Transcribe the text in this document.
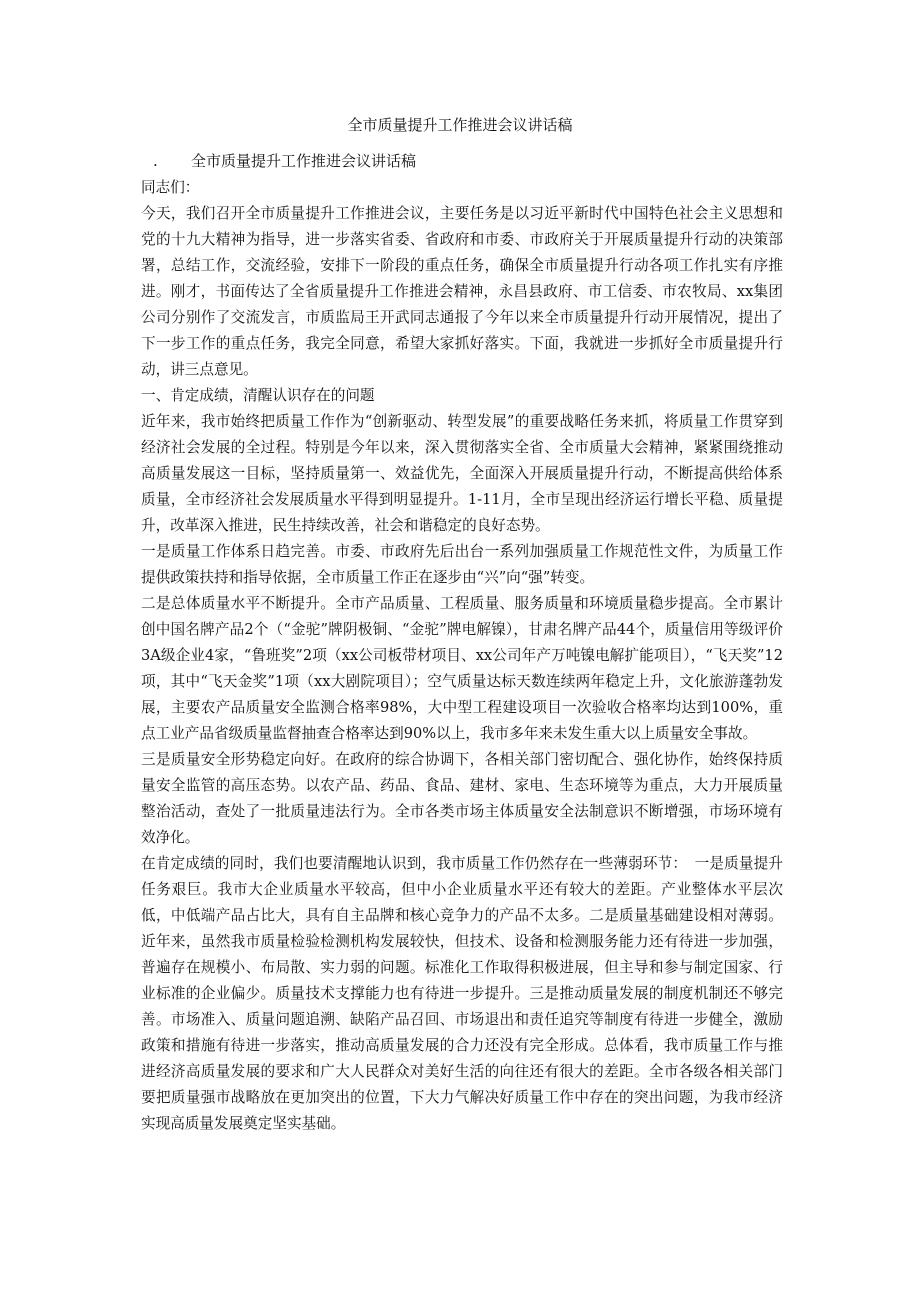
全市质量提升工作推进会议讲话稿
. 全市质量提升工作推进会议讲话稿

同志们：

今天，我们召开全市质量提升工作推进会议，主要任务是以习近平新时代中国特色社会主义思想和党的十九大精神为指导，进一步落实省委、省政府和市委、市政府关于开展质量提升行动的决策部署，总结工作，交流经验，安排下一阶段的重点任务，确保全市质量提升行动各项工作扎实有序推进。刚才，书面传达了全省质量提升工作推进会精神，永昌县政府、市工信委、市农牧局、xx集团公司分别作了交流发言，市质监局王开武同志通报了今年以来全市质量提升行动开展情况，提出了下一步工作的重点任务，我完全同意，希望大家抓好落实。下面，我就进一步抓好全市质量提升行动，讲三点意见。

一、肯定成绩，清醒认识存在的问题

近年来，我市始终把质量工作作为“创新驱动、转型发展”的重要战略任务来抓，将质量工作贯穿到经济社会发展的全过程。特别是今年以来，深入贯彻落实全省、全市质量大会精神，紧紧围绕推动高质量发展这一目标，坚持质量第一、效益优先，全面深入开展质量提升行动，不断提高供给体系质量，全市经济社会发展质量水平得到明显提升。1-11月，全市呈现出经济运行增长平稳、质量提升，改革深入推进，民生持续改善，社会和谐稳定的良好态势。

一是质量工作体系日趋完善。市委、市政府先后出台一系列加强质量工作规范性文件，为质量工作提供政策扶持和指导依据，全市质量工作正在逐步由“兴”向“强”转变。

二是总体质量水平不断提升。全市产品质量、工程质量、服务质量和环境质量稳步提高。全市累计创中国名牌产品2个（“金驼”牌阴极铜、“金驼”牌电解镍），甘肃名牌产品44个，质量信用等级评价3A级企业4家，“鲁班奖”2项（xx公司板带材项目、xx公司年产万吨镍电解扩能项目），“飞天奖”12项，其中“飞天金奖”1项（xx大剧院项目）；空气质量达标天数连续两年稳定上升，文化旅游蓬勃发展，主要农产品质量安全监测合格率98%，大中型工程建设项目一次验收合格率均达到100%，重点工业产品省级质量监督抽查合格率达到90%以上，我市多年来未发生重大以上质量安全事故。

三是质量安全形势稳定向好。在政府的综合协调下，各相关部门密切配合、强化协作，始终保持质量安全监管的高压态势。以农产品、药品、食品、建材、家电、生态环境等为重点，大力开展质量整治活动，查处了一批质量违法行为。全市各类市场主体质量安全法制意识不断增强，市场环境有效净化。

在肯定成绩的同时，我们也要清醒地认识到，我市质量工作仍然存在一些薄弱环节：　一是质量提升任务艰巨。我市大企业质量水平较高，但中小企业质量水平还有较大的差距。产业整体水平层次低，中低端产品占比大，具有自主品牌和核心竞争力的产品不太多。二是质量基础建设相对薄弱。近年来，虽然我市质量检验检测机构发展较快，但技术、设备和检测服务能力还有待进一步加强，普遍存在规模小、布局散、实力弱的问题。标准化工作取得积极进展，但主导和参与制定国家、行业标准的企业偏少。质量技术支撑能力也有待进一步提升。三是推动质量发展的制度机制还不够完善。市场准入、质量问题追溯、缺陷产品召回、市场退出和责任追究等制度有待进一步健全，激励政策和措施有待进一步落实，推动高质量发展的合力还没有完全形成。总体看，我市质量工作与推进经济高质量发展的要求和广大人民群众对美好生活的向往还有很大的差距。全市各级各相关部门要把质量强市战略放在更加突出的位置，下大力气解决好质量工作中存在的突出问题，为我市经济实现高质量发展奠定坚实基础。
